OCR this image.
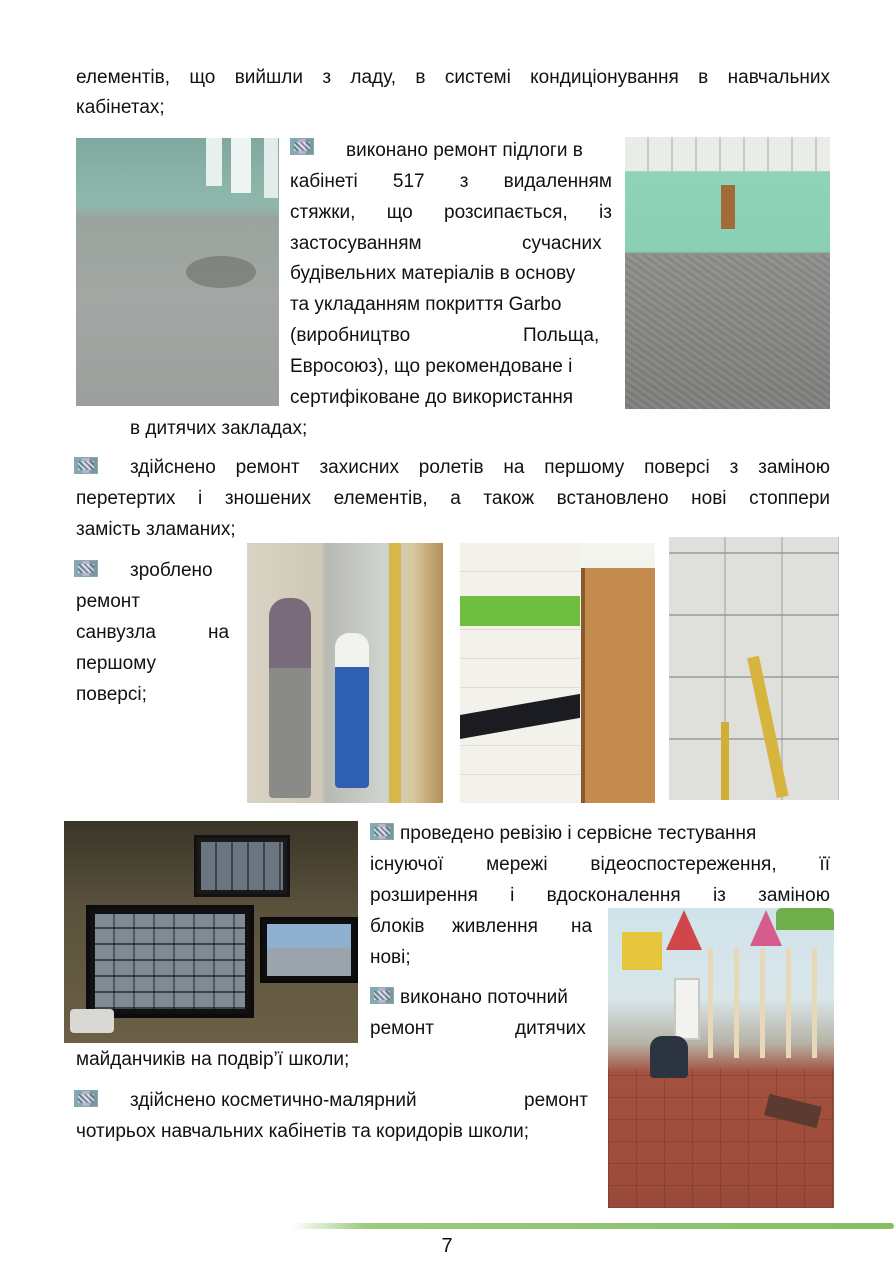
елементів, що вийшли з ладу, в системі кондиціонування в навчальних
кабінетах;
виконано ремонт підлоги в
кабінеті 517 з видаленням
стяжки, що розсипається, із
застосуванням	сучасних
будівельних матеріалів в основу
та укладанням покриття Garbo
(виробництво	Польща,
Евросоюз), що рекомендоване і
сертифіковане до використання
в дитячих закладах;
здійснено ремонт захисних ролетів на першому поверсі з заміною
перетертих і зношених елементів, а також встановлено нові стоппери
замість зламаних;
зроблено
ремонт
санвузла	на
першому
поверсі;
проведено ревізію і сервісне тестування
існуючої мережі відеоспостереження, її
розширення і вдосконалення із заміною
блоків живлення на
нові;
виконано поточний
ремонт	дитячих
майданчиків на подвір’ї школи;
здійснено косметично-малярний	ремонт
чотирьох навчальних кабінетів та коридорів школи;
7
